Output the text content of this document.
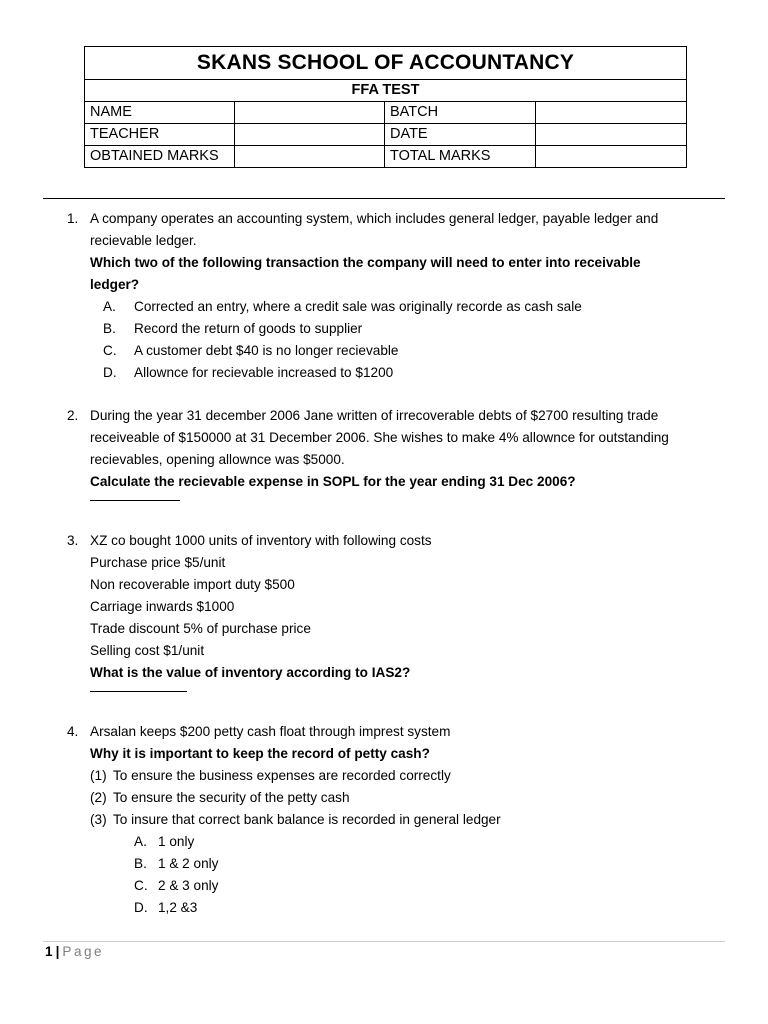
SKANS SCHOOL OF ACCOUNTANCY			
FFA TEST			
NAME		BATCH	
TEACHER		DATE	
OBTAINED MARKS		TOTAL MARKS	
1. A company operates an accounting system, which includes general ledger, payable ledger and
recievable ledger.
Which two of the following transaction the company will need to enter into receivable ledger?
A. Corrected an entry, where a credit sale was originally recorde as cash sale
B. Record the return of goods to supplier
C. A customer debt $40 is no longer recievable
D. Allownce for recievable increased to $1200
2. During the year 31 december 2006 Jane written of irrecoverable debts of $2700 resulting trade
receiveable of $150000 at 31 December 2006. She wishes to make 4% allownce for outstanding
recievables, opening allownce was $5000.
Calculate the recievable expense in SOPL for the year ending 31 Dec 2006?
3. XZ co bought 1000 units of inventory with following costs
Purchase price $5/unit
Non recoverable import duty $500
Carriage inwards $1000
Trade discount 5% of purchase price
Selling cost $1/unit
What is the value of inventory according to IAS2?
4. Arsalan keeps $200 petty cash float through imprest system
Why it is important to keep the record of petty cash?
(1) To ensure the business expenses are recorded correctly
(2) To ensure the security of the petty cash
(3) To insure that correct bank balance is recorded in general ledger
A. 1 only
B. 1 & 2 only
C. 2 & 3 only
D. 1,2 &3
1 | Page
